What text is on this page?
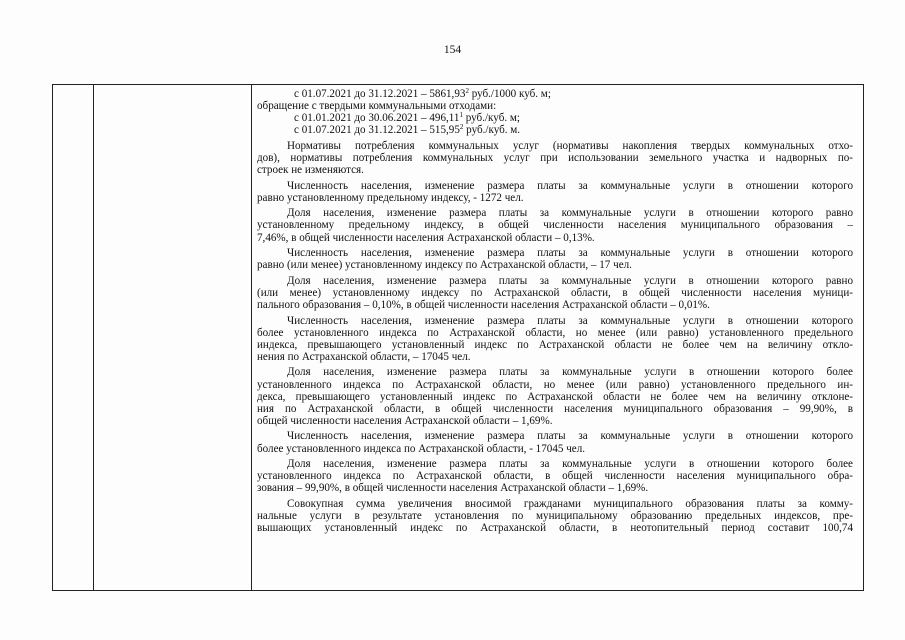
154
с 01.07.2021 до 31.12.2021 – 5861,93$^2$ руб./1000 куб. м;
обращение с твердыми коммунальными отходами:
с 01.01.2021 до 30.06.2021 – 496,11$^1$ руб./куб. м;
с 01.07.2021 до 31.12.2021 – 515,95$^2$ руб./куб. м.
Нормативы потребления коммунальных услуг (нормативы накопления твердых коммунальных отхо-
дов), нормативы потребления коммунальных услуг при использовании земельного участка и надворных по-
строек не изменяются.
Численность населения, изменение размера платы за коммунальные услуги в отношении которого
равно установленному предельному индексу, - 1272 чел.
Доля населения, изменение размера платы за коммунальные услуги в отношении которого равно
установленному предельному индексу, в общей численности населения муниципального образования –
7,46%, в общей численности населения Астраханской области – 0,13%.
Численность населения, изменение размера платы за коммунальные услуги в отношении которого
равно (или менее) установленному индексу по Астраханской области, – 17 чел.
Доля населения, изменение размера платы за коммунальные услуги в отношении которого равно
(или менее) установленному индексу по Астраханской области, в общей численности населения муници-
пального образования – 0,10%, в общей численности населения Астраханской области – 0,01%.
Численность населения, изменение размера платы за коммунальные услуги в отношении которого
более установленного индекса по Астраханской области, но менее (или равно) установленного предельного
индекса, превышающего установленный индекс по Астраханской области не более чем на величину откло-
нения по Астраханской области, – 17045 чел.
Доля населения, изменение размера платы за коммунальные услуги в отношении которого более
установленного индекса по Астраханской области, но менее (или равно) установленного предельного ин-
декса, превышающего установленный индекс по Астраханской области не более чем на величину отклоне-
ния по Астраханской области, в общей численности населения муниципального образования – 99,90%, в
общей численности населения Астраханской области – 1,69%.
Численность населения, изменение размера платы за коммунальные услуги в отношении которого
более установленного индекса по Астраханской области, - 17045 чел.
Доля населения, изменение размера платы за коммунальные услуги в отношении которого более
установленного индекса по Астраханской области, в общей численности населения муниципального обра-
зования – 99,90%, в общей численности населения Астраханской области – 1,69%.
Совокупная сумма увеличения вносимой гражданами муниципального образования платы за комму-
нальные услуги в результате установления по муниципальному образованию предельных индексов, пре-
вышающих установленный индекс по Астраханской области, в неотопительный период составит 100,74
